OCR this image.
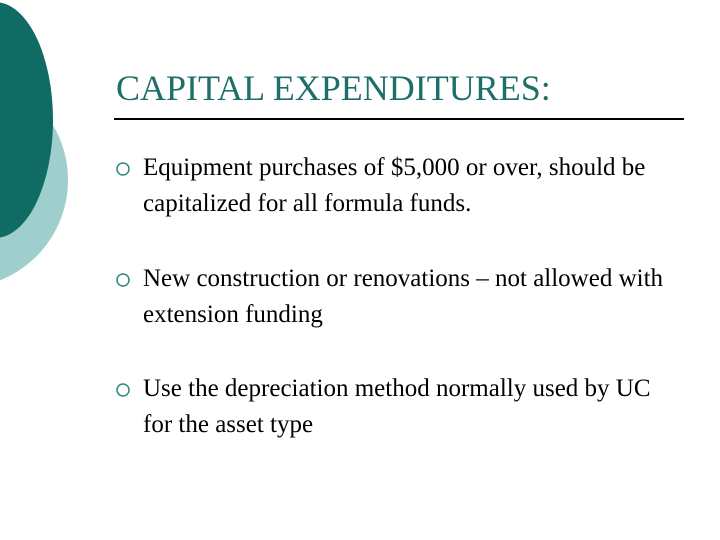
CAPITAL EXPENDITURES:
Equipment purchases of $5,000 or over, should be capitalized for all formula funds.
New construction or renovations – not allowed with extension funding
Use the depreciation method normally used by UC for the asset type
